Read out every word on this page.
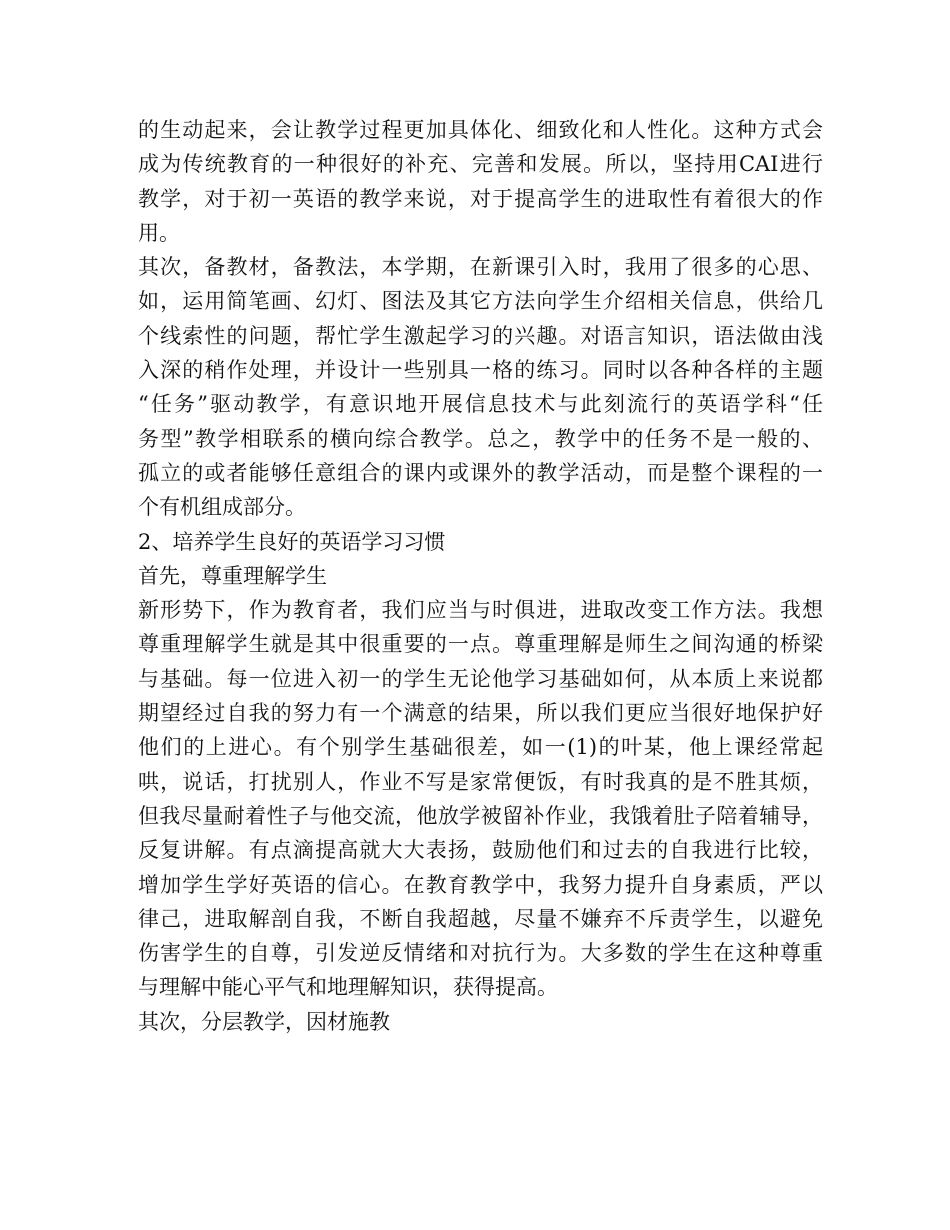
的生动起来，会让教学过程更加具体化、细致化和人性化。这种方式会
成为传统教育的一种很好的补充、完善和发展。所以，坚持用CAI进行
教学，对于初一英语的教学来说，对于提高学生的进取性有着很大的作
用。
其次，备教材，备教法，本学期，在新课引入时，我用了很多的心思、
如，运用简笔画、幻灯、图法及其它方法向学生介绍相关信息，供给几
个线索性的问题，帮忙学生激起学习的兴趣。对语言知识，语法做由浅
入深的稍作处理，并设计一些别具一格的练习。同时以各种各样的主题
“任务”驱动教学，有意识地开展信息技术与此刻流行的英语学科“任
务型”教学相联系的横向综合教学。总之，教学中的任务不是一般的、
孤立的或者能够任意组合的课内或课外的教学活动，而是整个课程的一
个有机组成部分。
2、培养学生良好的英语学习习惯
首先，尊重理解学生
新形势下，作为教育者，我们应当与时俱进，进取改变工作方法。我想
尊重理解学生就是其中很重要的一点。尊重理解是师生之间沟通的桥梁
与基础。每一位进入初一的学生无论他学习基础如何，从本质上来说都
期望经过自我的努力有一个满意的结果，所以我们更应当很好地保护好
他们的上进心。有个别学生基础很差，如一(1)的叶某，他上课经常起
哄，说话，打扰别人，作业不写是家常便饭，有时我真的是不胜其烦，
但我尽量耐着性子与他交流，他放学被留补作业，我饿着肚子陪着辅导，
反复讲解。有点滴提高就大大表扬，鼓励他们和过去的自我进行比较，
增加学生学好英语的信心。在教育教学中，我努力提升自身素质，严以
律己，进取解剖自我，不断自我超越，尽量不嫌弃不斥责学生，以避免
伤害学生的自尊，引发逆反情绪和对抗行为。大多数的学生在这种尊重
与理解中能心平气和地理解知识，获得提高。
其次，分层教学，因材施教
